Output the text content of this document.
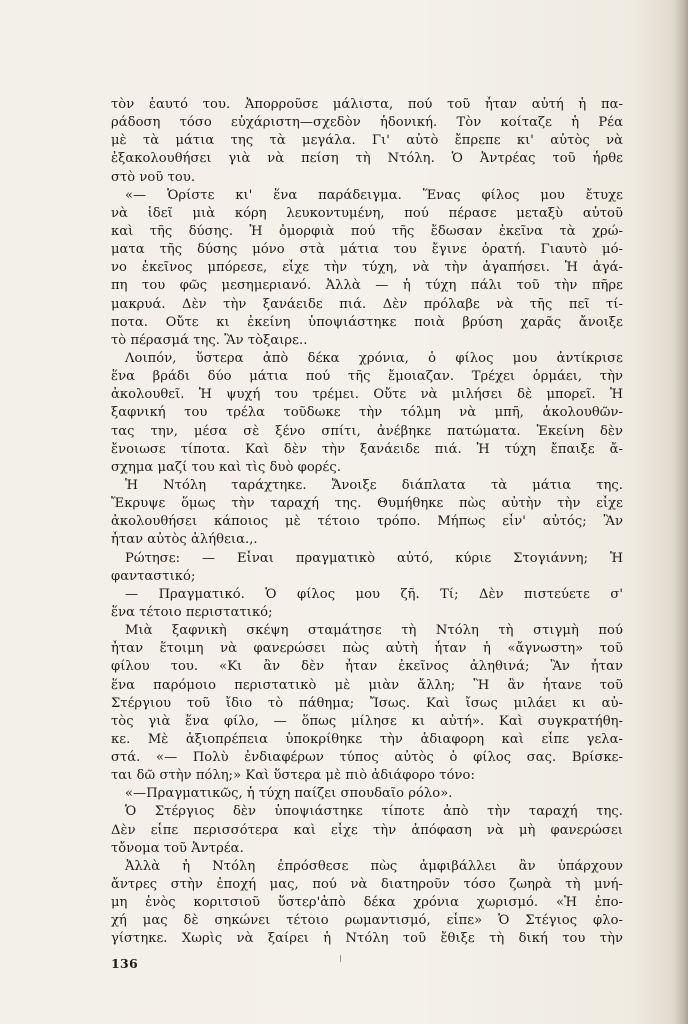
τὸν ἑαυτό του. Ἀπορροῦσε μάλιστα, πού τοῦ ἦταν αὐτή ἡ πα-
ράδοση τόσο εὐχάριστη—σχεδὸν ἡδονική. Τὸν κοίταζε ἡ Ρέα
μὲ τὰ μάτια της τὰ μεγάλα. Γι' αὐτὸ ἔπρεπε κι' αὐτὸς νὰ
ἐξακολουθήσει γιὰ νὰ πείση τὴ Ντόλη. Ὁ Ἀντρέας τοῦ ἦρθε
στὸ νοῦ του.
«— Ὁρίστε κι' ἕνα παράδειγμα. Ἕνας φίλος μου ἔτυχε
νὰ ἰδεῖ μιὰ κόρη λευκοντυμένη, πού πέρασε μεταξὺ αὐτοῦ
καὶ τῆς δύσης. Ἡ ὀμορφιὰ πού τῆς ἔδωσαν ἐκεῖνα τὰ χρώ-
ματα τῆς δύσης μόνο στὰ μάτια του ἔγινε ὁρατή. Γιαυτὸ μό-
νο ἐκεῖνος μπόρεσε, εἶχε τὴν τύχη, νὰ τὴν ἀγαπήσει. Ἡ ἀγά-
πη του φῶς μεσημεριανό. Ἀλλὰ — ἡ τύχη πάλι τοῦ τὴν πῆρε
μακρυά. Δὲν τὴν ξανάειδε πιά. Δὲν πρόλαβε νὰ τῆς πεῖ τί-
ποτα. Οὔτε κι ἐκείνη ὑποψιάστηκε ποιὰ βρύση χαρᾶς ἄνοιξε
τὸ πέρασμά της. Ἂν τὸξαιρε..
Λοιπόν, ὕστερα ἀπὸ δέκα χρόνια, ὁ φίλος μου ἀντίκρισε
ἕνα βράδι δύο μάτια πού τῆς ἔμοιαζαν. Τρέχει ὁρμάει, τὴν
ἀκολουθεῖ. Ἡ ψυχή του τρέμει. Οὔτε νὰ μιλήσει δὲ μπορεῖ. Ἡ
ξαφνική του τρέλα τοῦδωκε τὴν τόλμη νὰ μπῆ, ἀκολουθῶν-
τας την, μέσα σὲ ξένο σπίτι, ἀνέβηκε πατώματα. Ἐκείνη δὲν
ἔνοιωσε τίποτα. Καὶ δὲν τὴν ξανάειδε πιά. Ἡ τύχη ἔπαιξε ἄ-
σχημα μαζί του καὶ τὶς δυὸ φορές.
Ἡ Ντόλη ταράχτηκε. Ἄνοιξε διάπλατα τὰ μάτια της.
Ἔκρυψε ὅμως τὴν ταραχή της. Θυμήθηκε πὼς αὐτὴν τὴν εἶχε
ἀκολουθήσει κάποιος μὲ τέτοιο τρόπο. Μήπως εἶν' αὐτός; Ἂν
ἦταν αὐτὸς ἀλήθεια.,.
Ρώτησε: — Εἶναι πραγματικὸ αὐτό, κύριε Στογιάννη; Ἡ
φανταστικό;
— Πραγματικό. Ὁ φίλος μου ζῆ. Τί; Δὲν πιστεύετε σ'
ἕνα τέτοιο περιστατικό;
Μιὰ ξαφνικὴ σκέψη σταμάτησε τὴ Ντόλη τὴ στιγμὴ πού
ἦταν ἕτοιμη νὰ φανερώσει πὼς αὐτὴ ἦταν ἡ «ἄγνωστη» τοῦ
φίλου του. «Κι ἂν δὲν ἦταν ἐκεῖνος ἀληθινά; Ἂν ἦταν
ἕνα παρόμοιο περιστατικὸ μὲ μιὰν ἄλλη; Ἢ ἂν ἦτανε τοῦ
Στέργιου τοῦ ἴδιο τὸ πάθημα; Ἴσως. Καὶ ἴσως μιλάει κι αὐ-
τὸς γιὰ ἕνα φίλο, — ὅπως μίλησε κι αὐτή». Καὶ συγκρατήθη-
κε. Μὲ ἀξιοπρέπεια ὑποκρίθηκε τὴν ἀδιαφορη καὶ εἶπε γελα-
στά. «— Πολὺ ἐνδιαφέρων τύπος αὐτὸς ὁ φίλος σας. Βρίσκε-
ται δῶ στὴν πόλη;» Καὶ ὕστερα μὲ πιὸ ἀδιάφορο τόνο:
«—Πραγματικῶς, ἡ τύχη παίζει σπουδαῖο ρόλο».
Ὁ Στέργιος δὲν ὑποψιάστηκε τίποτε ἀπὸ τὴν ταραχή της.
Δὲν εἶπε περισσότερα καὶ εἶχε τὴν ἀπόφαση νὰ μὴ φανερώσει
τὄνομα τοῦ Ἀντρέα.
Ἀλλὰ ἡ Ντόλη ἐπρόσθεσε πὼς ἀμφιβάλλει ἂν ὑπάρχουν
ἄντρες στὴν ἐποχή μας, πού νὰ διατηροῦν τόσο ζωηρὰ τὴ μνή-
μη ἑνὸς κοριτσιοῦ ὕστερ'ἀπὸ δέκα χρόνια χωρισμό. «Ἡ ἐπο-
χή μας δὲ σηκώνει τέτοιο ρωμαντισμό, εἶπε» Ὁ Στέγιος φλο-
γίστηκε. Χωρὶς νὰ ξαίρει ἡ Ντόλη τοῦ ἔθιξε τὴ δική του τὴν
136
